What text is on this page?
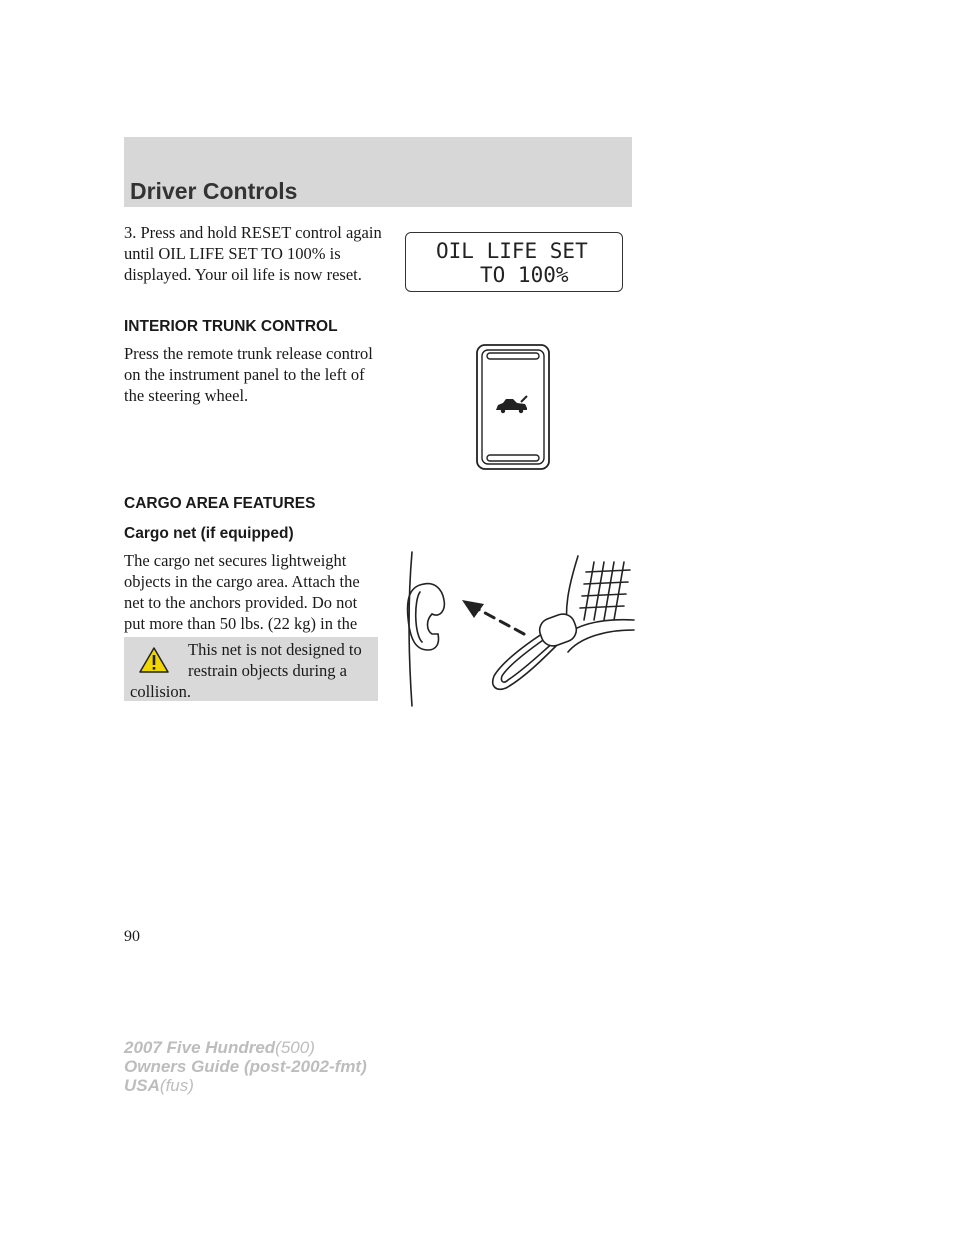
Driver Controls
3. Press and hold RESET control again until OIL LIFE SET TO 100% is displayed. Your oil life is now reset.
OIL LIFE SET
TO 100%
INTERIOR TRUNK CONTROL
Press the remote trunk release control on the instrument panel to the left of the steering wheel.
CARGO AREA FEATURES
Cargo net (if equipped)
The cargo net secures lightweight objects in the cargo area. Attach the net to the anchors provided. Do not put more than 50 lbs. (22 kg) in the
This net is not designed to
restrain objects during a
collision.
90
2007 Five Hundred(500)
Owners Guide (post-2002-fmt)
USA(fus)
